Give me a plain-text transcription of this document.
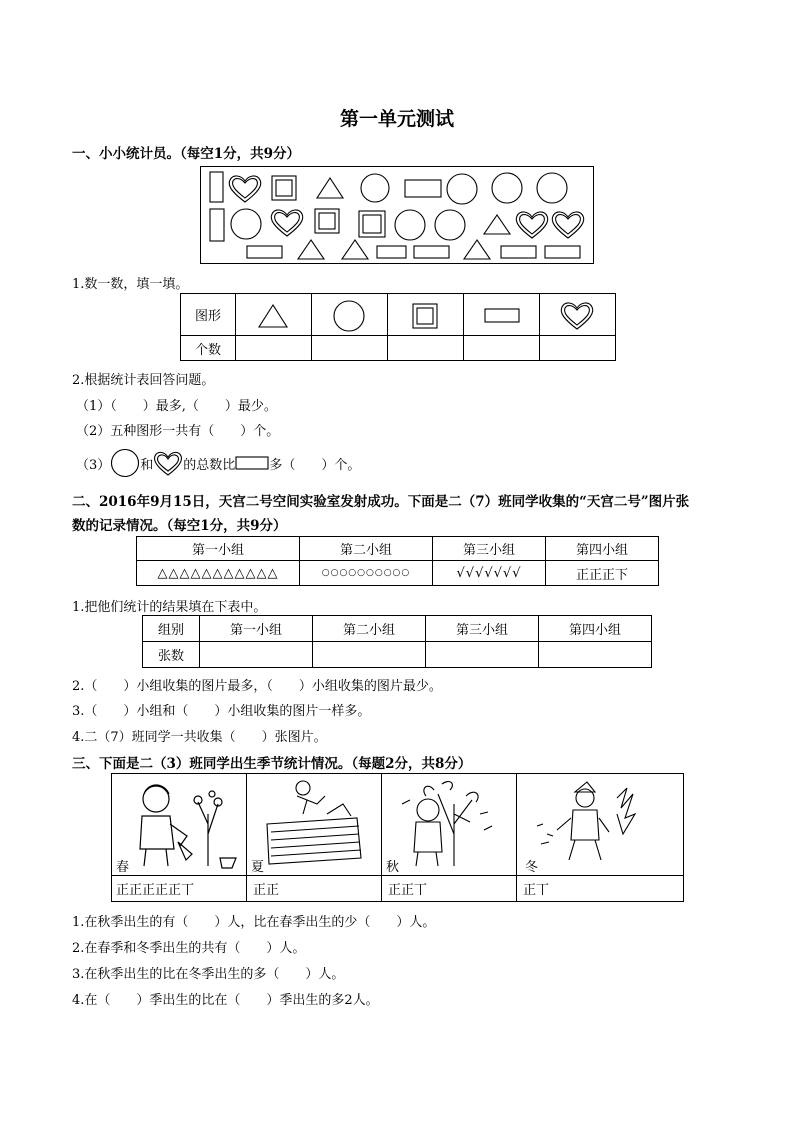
第一单元测试
一、小小统计员。（每空1分，共9分）
1.数一数，填一填。
图形	

个数					
2.根据统计表回答问题。
（1）（　　）最多,（　　）最少。
（2）五种图形一共有（　　）个。
（3） 和 的总数比	多（　　）个。
二、2016年9月15日，天宫二号空间实验室发射成功。下面是二（7）班同学收集的“天宫二号”图片张
数的记录情况。（每空1分，共9分）
第一小组	第二小组	第三小组	第四小组
△△△△△△△△△△△	○○○○○○○○○○	√√√√√√√	正正正下
1.把他们统计的结果填在下表中。
组别	第一小组	第二小组	第三小组	第四小组
张数				
2.（　　）小组收集的图片最多，（　　）小组收集的图片最少。
3.（　　）小组和（　　）小组收集的图片一样多。
4.二（7）班同学一共收集（　　）张图片。
三、下面是二（3）班同学出生季节统计情况。（每题2分，共8分）
春	夏	秋	冬
正正正正正丅	正正	正正丅	正丅
1.在秋季出生的有（　　）人，比在春季出生的少（　　）人。
2.在春季和冬季出生的共有（　　）人。
3.在秋季出生的比在冬季出生的多（　　）人。
4.在（　　）季出生的比在（　　）季出生的多2人。
